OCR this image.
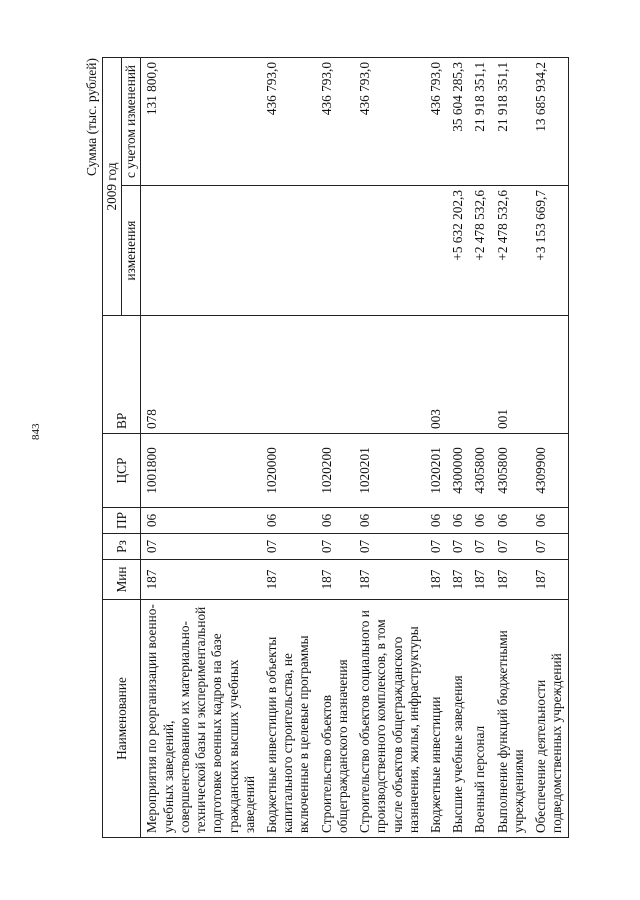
843
Сумма (тыс. рублей)
Наименование	Мин	Рз	ПР	ЦСР	ВР	2009 год	
						изменения	с учетом изменений
Мероприятия по реорганизации военно-учебных заведений, совершенствованию их материально-технической базы и экспериментальной подготовке военных кадров на базе гражданских высших учебных заведений	187	07	06	1001800	078		131 800,0
Бюджетные инвестиции в объекты капитального строительства, не включенные в целевые программы	187	07	06	1020000			436 793,0
Строительство объектов общегражданского назначения	187	07	06	1020200			436 793,0
Строительство объектов социального и производственного комплексов, в том числе объектов общегражданского назначения, жилья, инфраструктуры	187	07	06	1020201			436 793,0
Бюджетные инвестиции	187	07	06	1020201	003		436 793,0
Высшие учебные заведения	187	07	06	4300000		+5 632 202,3	35 604 285,3
Военный персонал	187	07	06	4305800		+2 478 532,6	21 918 351,1
Выполнение функций бюджетными учреждениями	187	07	06	4305800	001	+2 478 532,6	21 918 351,1
Обеспечение деятельности подведомственных учреждений	187	07	06	4309900		+3 153 669,7	13 685 934,2
